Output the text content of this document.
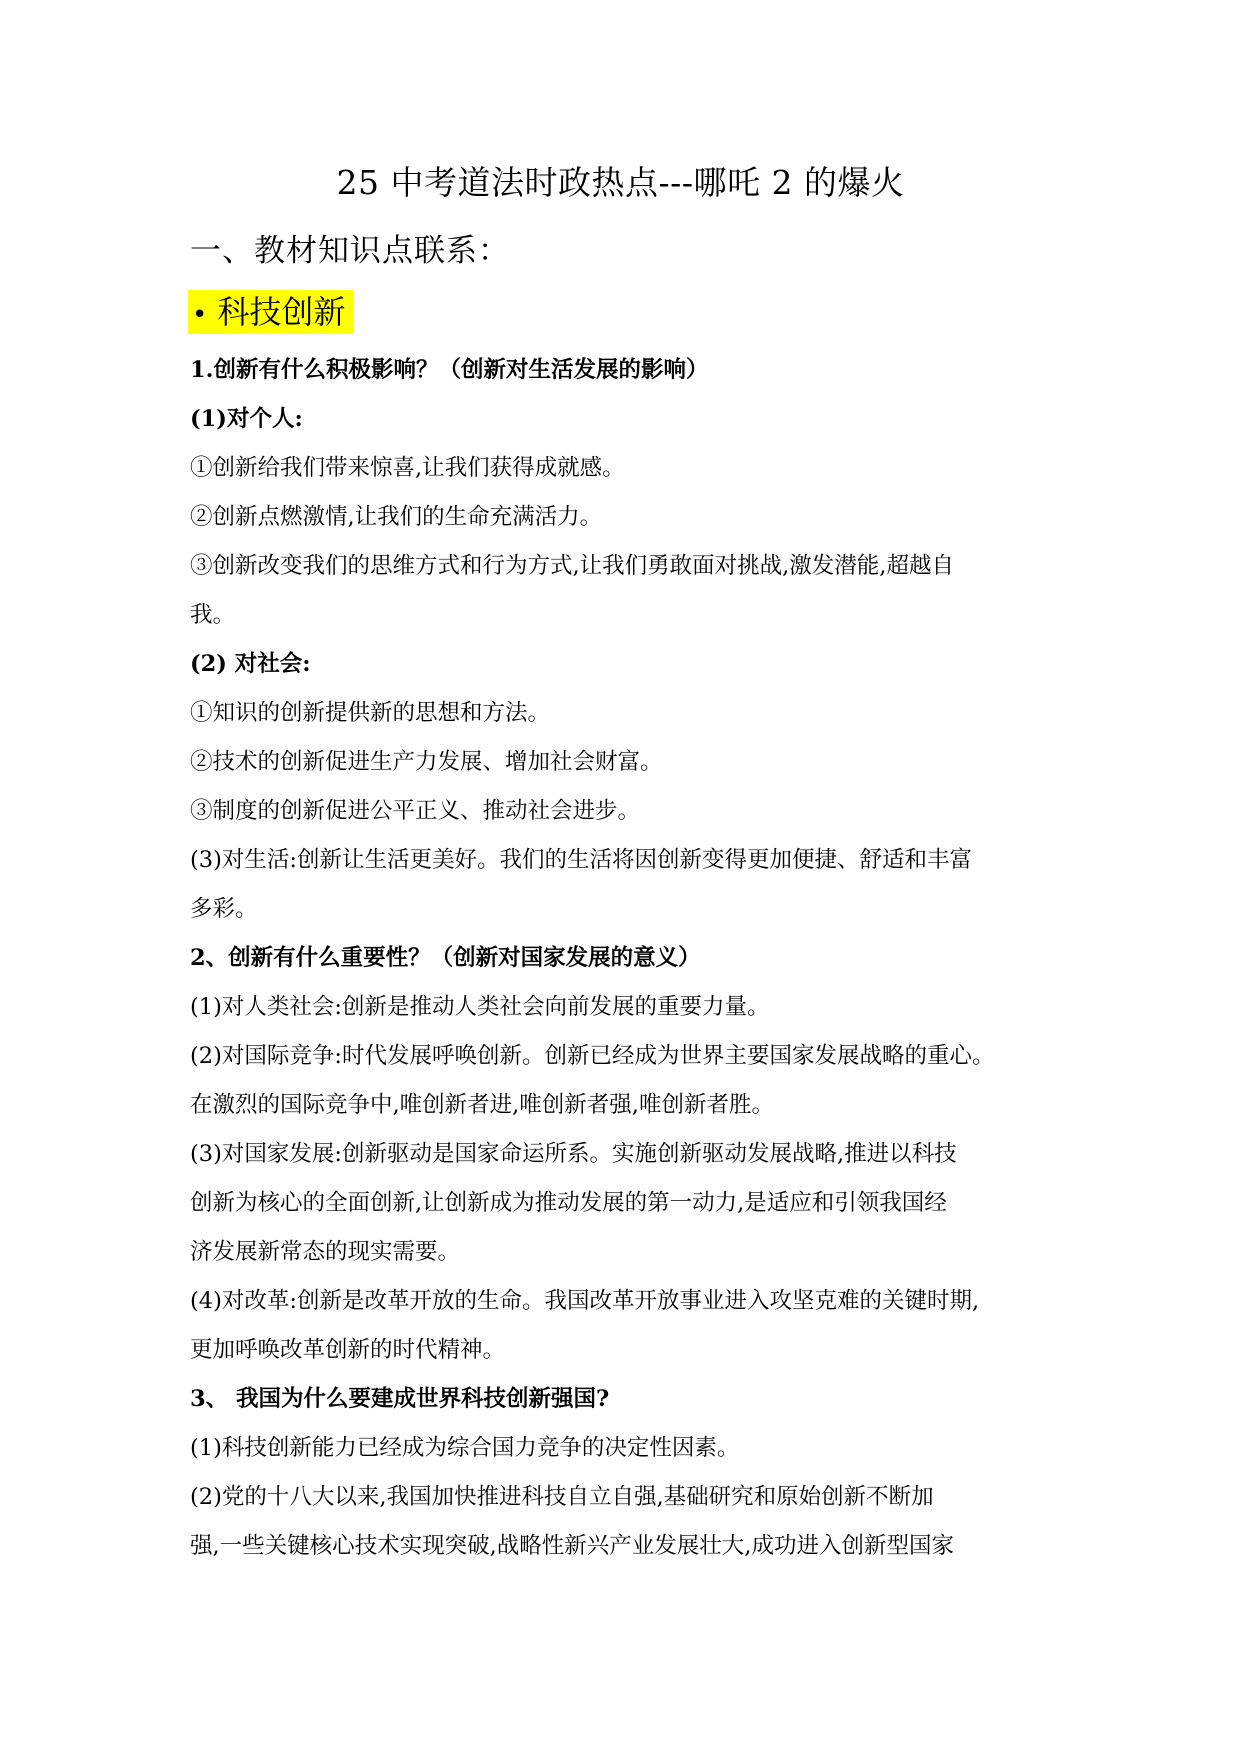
25 中考道法时政热点---哪吒 2 的爆火
一、教材知识点联系：
• 科技创新

1.创新有什么积极影响？（创新对生活发展的影响）

(1)对个人:

①创新给我们带来惊喜,让我们获得成就感。

②创新点燃激情,让我们的生命充满活力。

③创新改变我们的思维方式和行为方式,让我们勇敢面对挑战,激发潜能,超越自

我。

(2) 对社会:

①知识的创新提供新的思想和方法。

②技术的创新促进生产力发展、增加社会财富。

③制度的创新促进公平正义、推动社会进步。

(3)对生活:创新让生活更美好。我们的生活将因创新变得更加便捷、舒适和丰富

多彩。

2、创新有什么重要性？（创新对国家发展的意义）

(1)对人类社会:创新是推动人类社会向前发展的重要力量。

(2)对国际竞争:时代发展呼唤创新。创新已经成为世界主要国家发展战略的重心。

在激烈的国际竞争中,唯创新者进,唯创新者强,唯创新者胜。

(3)对国家发展:创新驱动是国家命运所系。实施创新驱动发展战略,推进以科技

创新为核心的全面创新,让创新成为推动发展的第一动力,是适应和引领我国经

济发展新常态的现实需要。

(4)对改革:创新是改革开放的生命。我国改革开放事业进入攻坚克难的关键时期,

更加呼唤改革创新的时代精神。

3、 我国为什么要建成世界科技创新强国?

(1)科技创新能力已经成为综合国力竞争的决定性因素。

(2)党的十八大以来,我国加快推进科技自立自强,基础研究和原始创新不断加

强,一些关键核心技术实现突破,战略性新兴产业发展壮大,成功进入创新型国家
